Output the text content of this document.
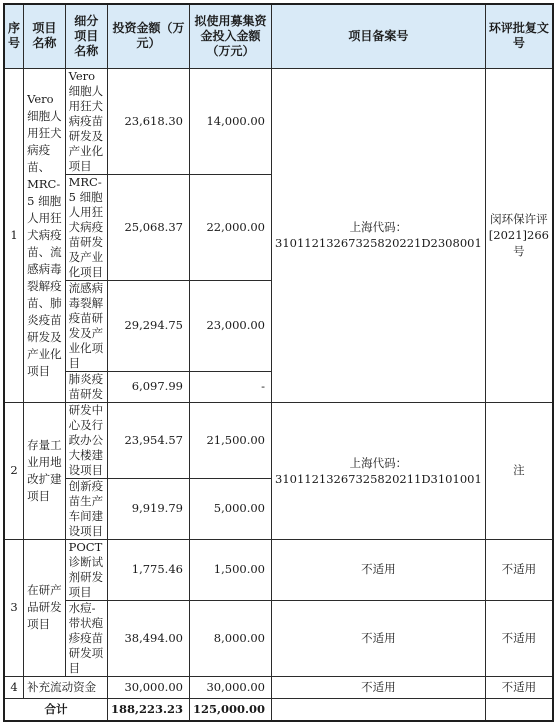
序号	项目名称	细分项目名称	投资金额（万元）	拟使用募集资金投入金额（万元）	项目备案号	环评批复文号
1	Vero 细胞人用狂犬病疫苗、MRC-5 细胞人用狂犬病疫苗、流感病毒裂解疫苗、肺炎疫苗研发及产业化项目	Vero 细胞人用狂犬病疫苗研发及产业化项目	23,618.30	14,000.00	上海代码：31011213267325820221D2308001	闵环保许评[2021]266 号
		MRC-5 细胞人用狂犬病疫苗研发及产业化项目	25,068.37	22,000.00		
		流感病毒裂解疫苗研发及产业化项目	29,294.75	23,000.00		
		肺炎疫苗研发	6,097.99	-		
2	存量工业用地改扩建项目	研发中心及行政办公大楼建设项目	23,954.57	21,500.00	上海代码：31011213267325820211D3101001	注
		创新疫苗生产车间建设项目	9,919.79	5,000.00		
3	在研产品研发项目	POCT 诊断试剂研发项目	1,775.46	1,500.00	不适用	不适用
		水痘-带状疱疹疫苗研发项目	38,494.00	8,000.00	不适用	不适用
4	补充流动资金		30,000.00	30,000.00	不适用	不适用
合计			188,223.23	125,000.00		
